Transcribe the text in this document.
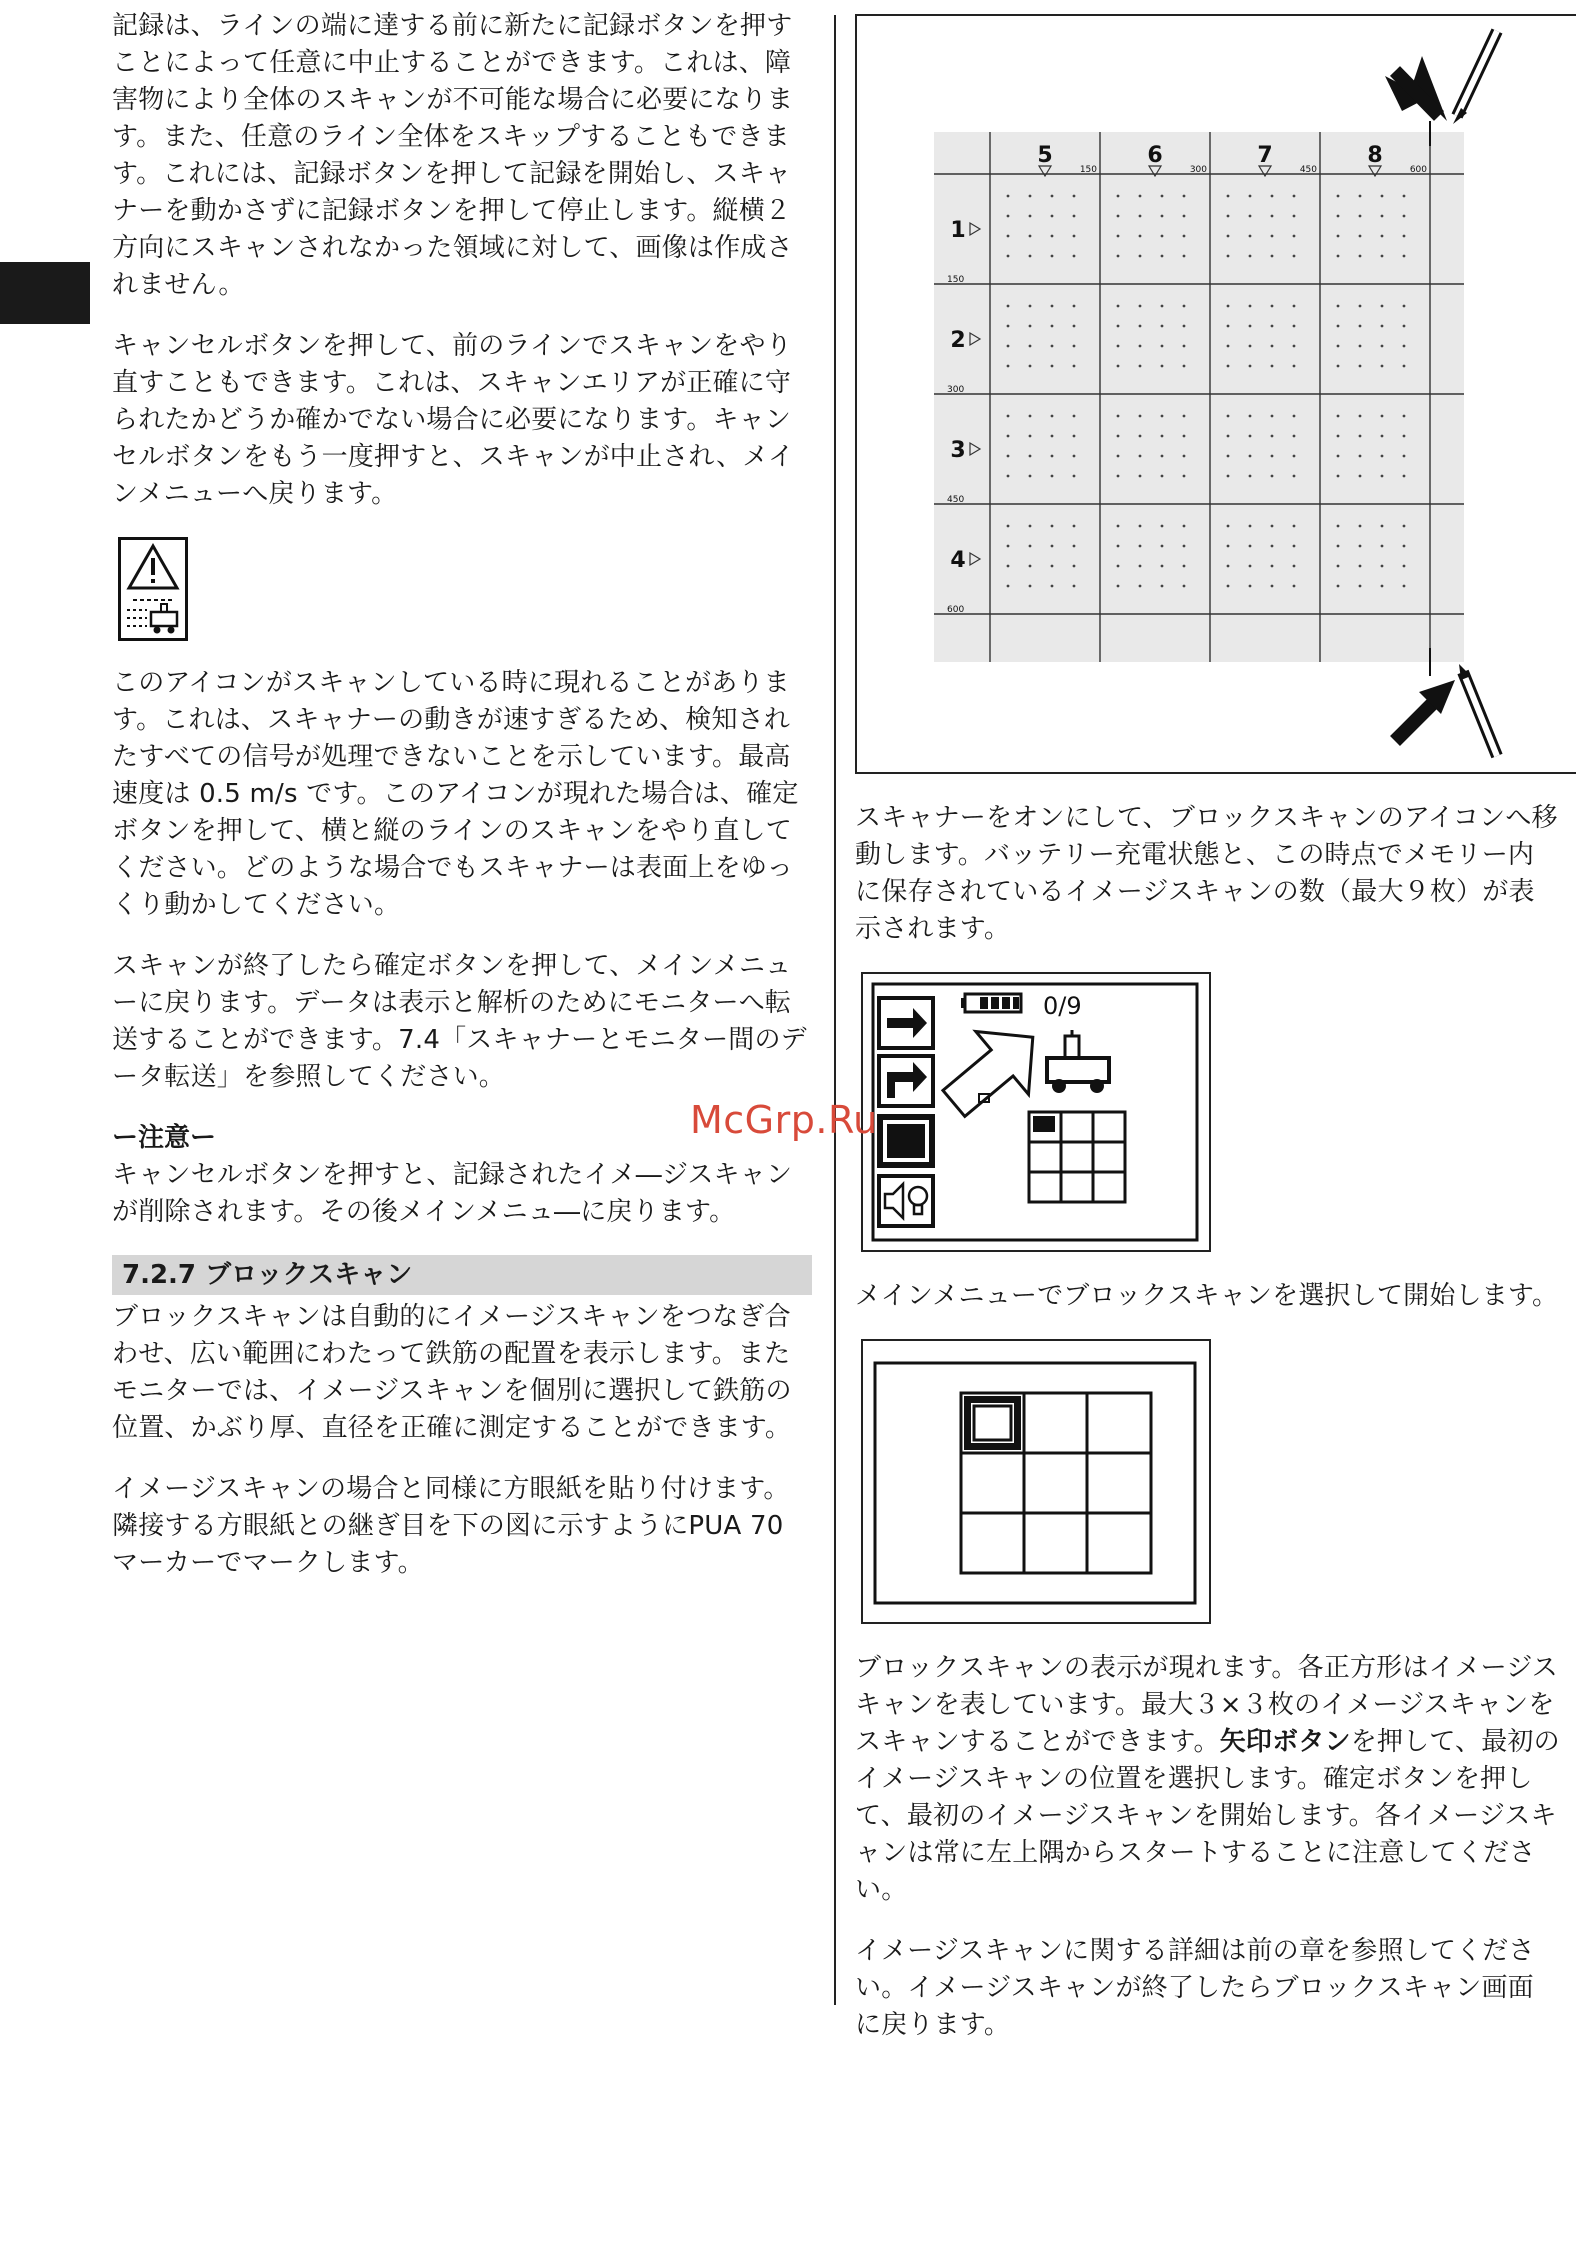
記録は、ラインの端に達する前に新たに記録ボタンを押すことによって任意に中止することができます。これは、障害物により全体のスキャンが不可能な場合に必要になります。また、任意のライン全体をスキップすることもできます。これには、記録ボタンを押して記録を開始し、スキャナーを動かさずに記録ボタンを押して停止します。縦横２方向にスキャンされなかった領域に対して、画像は作成されません。

キャンセルボタンを押して、前のラインでスキャンをやり直すこともできます。これは、スキャンエリアが正確に守られたかどうか確かでない場合に必要になります。キャンセルボタンをもう一度押すと、スキャンが中止され、メインメニューへ戻ります。

このアイコンがスキャンしている時に現れることがあります。これは、スキャナーの動きが速すぎるため、検知されたすべての信号が処理できないことを示しています。最高速度は 0.5 m/s です。このアイコンが現れた場合は、確定ボタンを押して、横と縦のラインのスキャンをやり直してください。どのような場合でもスキャナーは表面上をゆっくり動かしてください。

スキャンが終了したら確定ボタンを押して、メインメニューに戻ります。データは表示と解析のためにモニターへ転送することができます。7.4「スキャナーとモニター間のデータ転送」を参照してください。

ー注意ー

キャンセルボタンを押すと、記録されたイメ―ジスキャンが削除されます。その後メインメニュ―に戻ります。

7.2.7 ブロックスキャン

ブロックスキャンは自動的にイメージスキャンをつなぎ合わせ、広い範囲にわたって鉄筋の配置を表示します。またモニターでは、イメージスキャンを個別に選択して鉄筋の位置、かぶり厚、直径を正確に測定することができます。

イメージスキャンの場合と同様に方眼紙を貼り付けます。隣接する方眼紙との継ぎ目を下の図に示すようにPUA 70 マーカーでマークします。

5	6	7	8
150	300	450	600
1
2
3
4
150
300
450
600

スキャナーをオンにして、ブロックスキャンのアイコンへ移動します。バッテリー充電状態と、この時点でメモリー内に保存されているイメージスキャンの数（最大９枚）が表示されます。

0/9

メインメニューでブロックスキャンを選択して開始します。

ブロックスキャンの表示が現れます。各正方形はイメージスキャンを表しています。最大３×３枚のイメージスキャンをスキャンすることができます。矢印ボタンを押して、最初のイメージスキャンの位置を選択します。確定ボタンを押して、最初のイメージスキャンを開始します。各イメージスキャンは常に左上隅からスタートすることに注意してください。

イメージスキャンに関する詳細は前の章を参照してください。イメージスキャンが終了したらブロックスキャン画面に戻ります。

McGrp.Ru
